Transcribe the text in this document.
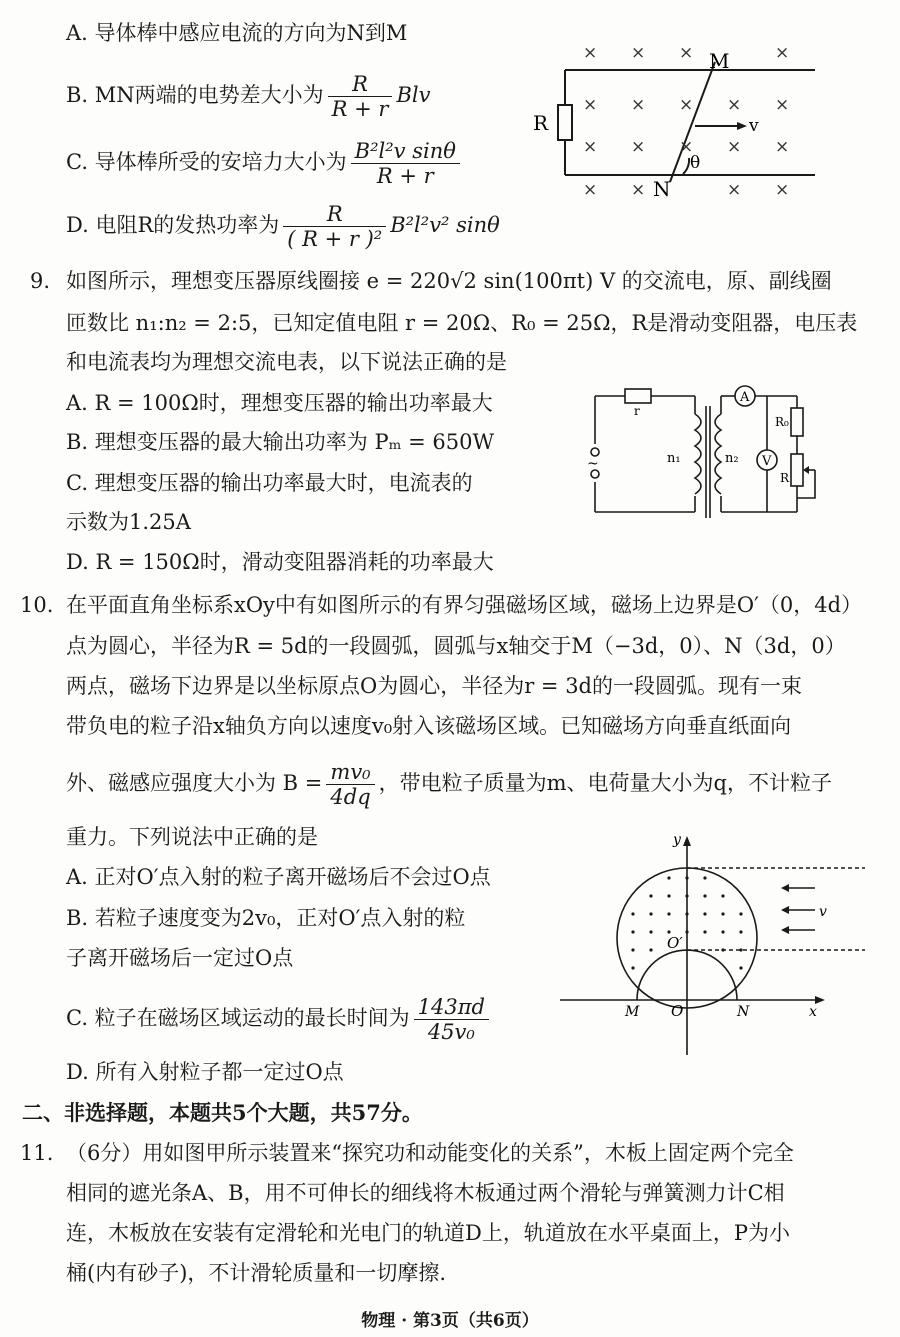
A. 导体棒中感应电流的方向为N到M
B. MN两端的电势差大小为 $\frac{R}{R + r}$ Blv
C. 导体棒所受的安培力大小为 $\frac{\text{B²l²v sinθ}}{R + r}$
D. 电阻R的发热功率为 $\frac{R}{\text{( R + r )²}} B^2l^2v^2$ sinθ
R
M
N
v
θ
× × ×	×
× × × × ×
× × × × ×
× ×	× ×
9. 如图所示，理想变压器原线圈接 e = 220√2 sin(100πt) V 的交流电，原、副线圈
匝数比 n₁:n₂ = 2:5，已知定值电阻 r = 20Ω、R₀ = 25Ω，R是滑动变阻器，电压表
和电流表均为理想交流电表，以下说法正确的是
A. R = 100Ω时，理想变压器的输出功率最大
B. 理想变压器的最大输出功率为 Pₘ = 650W
C. 理想变压器的输出功率最大时，电流表的
示数为1.25A
D. R = 150Ω时，滑动变阻器消耗的功率最大
~
r
n₁	n₂
A
V
R₀
R
10. 在平面直角坐标系xOy中有如图所示的有界匀强磁场区域，磁场上边界是O′（0，4d）
点为圆心，半径为R = 5d的一段圆弧，圆弧与x轴交于M（−3d，0）、N（3d，0）
两点，磁场下边界是以坐标原点O为圆心，半径为r = 3d的一段圆弧。现有一束
带负电的粒子沿x轴负方向以速度v₀射入该磁场区域。已知磁场方向垂直纸面向
外、磁感应强度大小为 $B = \frac{\text{mv₀}}{4dq}$ ，带电粒子质量为m、电荷量大小为q，不计粒子
重力。下列说法中正确的是
A. 正对O′点入射的粒子离开磁场后不会过O点
B. 若粒子速度变为2v₀，正对O′点入射的粒
子离开磁场后一定过O点
C. 粒子在磁场区域运动的最长时间为 $\frac{143\pi d}{\text{45v₀}}$
D. 所有入射粒子都一定过O点
y
x
O
O′
M	N
v
二、非选择题，本题共5个大题，共57分。
11. （6分）用如图甲所示装置来“探究功和动能变化的关系”，木板上固定两个完全
相同的遮光条A、B，用不可伸长的细线将木板通过两个滑轮与弹簧测力计C相
连，木板放在安装有定滑轮和光电门的轨道D上，轨道放在水平桌面上，P为小
桶(内有砂子)，不计滑轮质量和一切摩擦.
物理 · 第3页（共6页）
